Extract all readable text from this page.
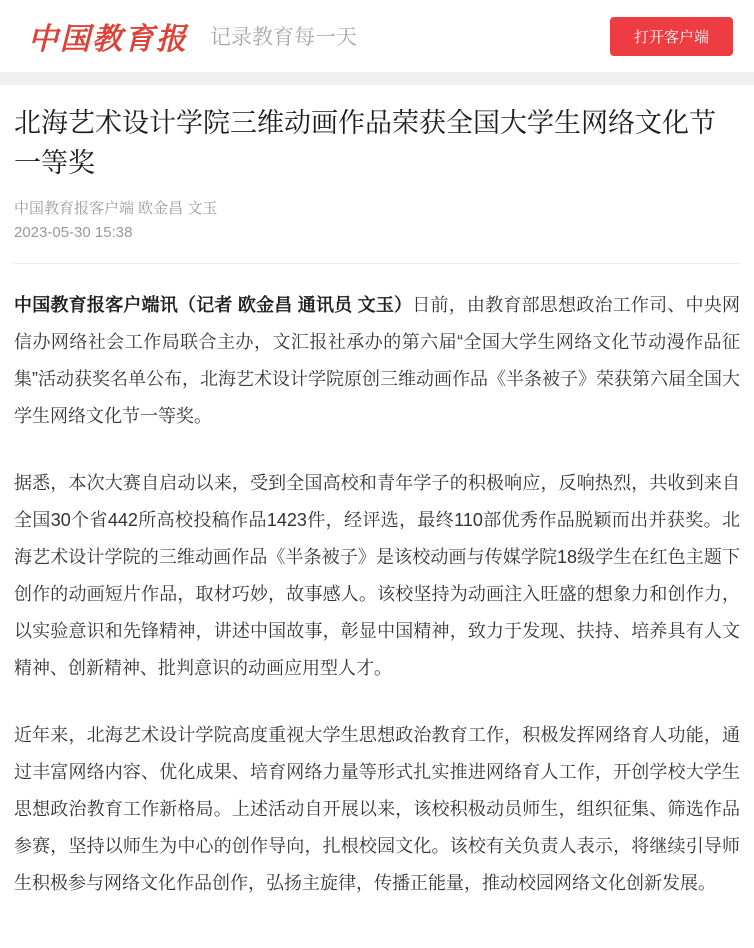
中国教育报 记录教育每一天	打开客户端
北海艺术设计学院三维动画作品荣获全国大学生网络文化节一等奖
中国教育报客户端 欧金昌 文玉
2023-05-30 15:38

中国教育报客户端讯（记者 欧金昌 通讯员 文玉）日前，由教育部思想政治工作司、中央网信办网络社会工作局联合主办，文汇报社承办的第六届“全国大学生网络文化节动漫作品征集”活动获奖名单公布，北海艺术设计学院原创三维动画作品《半条被子》荣获第六届全国大学生网络文化节一等奖。

据悉，本次大赛自启动以来，受到全国高校和青年学子的积极响应，反响热烈，共收到来自全国30个省442所高校投稿作品1423件，经评选，最终110部优秀作品脱颖而出并获奖。北海艺术设计学院的三维动画作品《半条被子》是该校动画与传媒学院18级学生在红色主题下创作的动画短片作品，取材巧妙，故事感人。该校坚持为动画注入旺盛的想象力和创作力，以实验意识和先锋精神，讲述中国故事，彰显中国精神，致力于发现、扶持、培养具有人文精神、创新精神、批判意识的动画应用型人才。

近年来，北海艺术设计学院高度重视大学生思想政治教育工作，积极发挥网络育人功能，通过丰富网络内容、优化成果、培育网络力量等形式扎实推进网络育人工作，开创学校大学生思想政治教育工作新格局。上述活动自开展以来，该校积极动员师生，组织征集、筛选作品参赛，坚持以师生为中心的创作导向，扎根校园文化。该校有关负责人表示，将继续引导师生积极参与网络文化作品创作，弘扬主旋律，传播正能量，推动校园网络文化创新发展。
